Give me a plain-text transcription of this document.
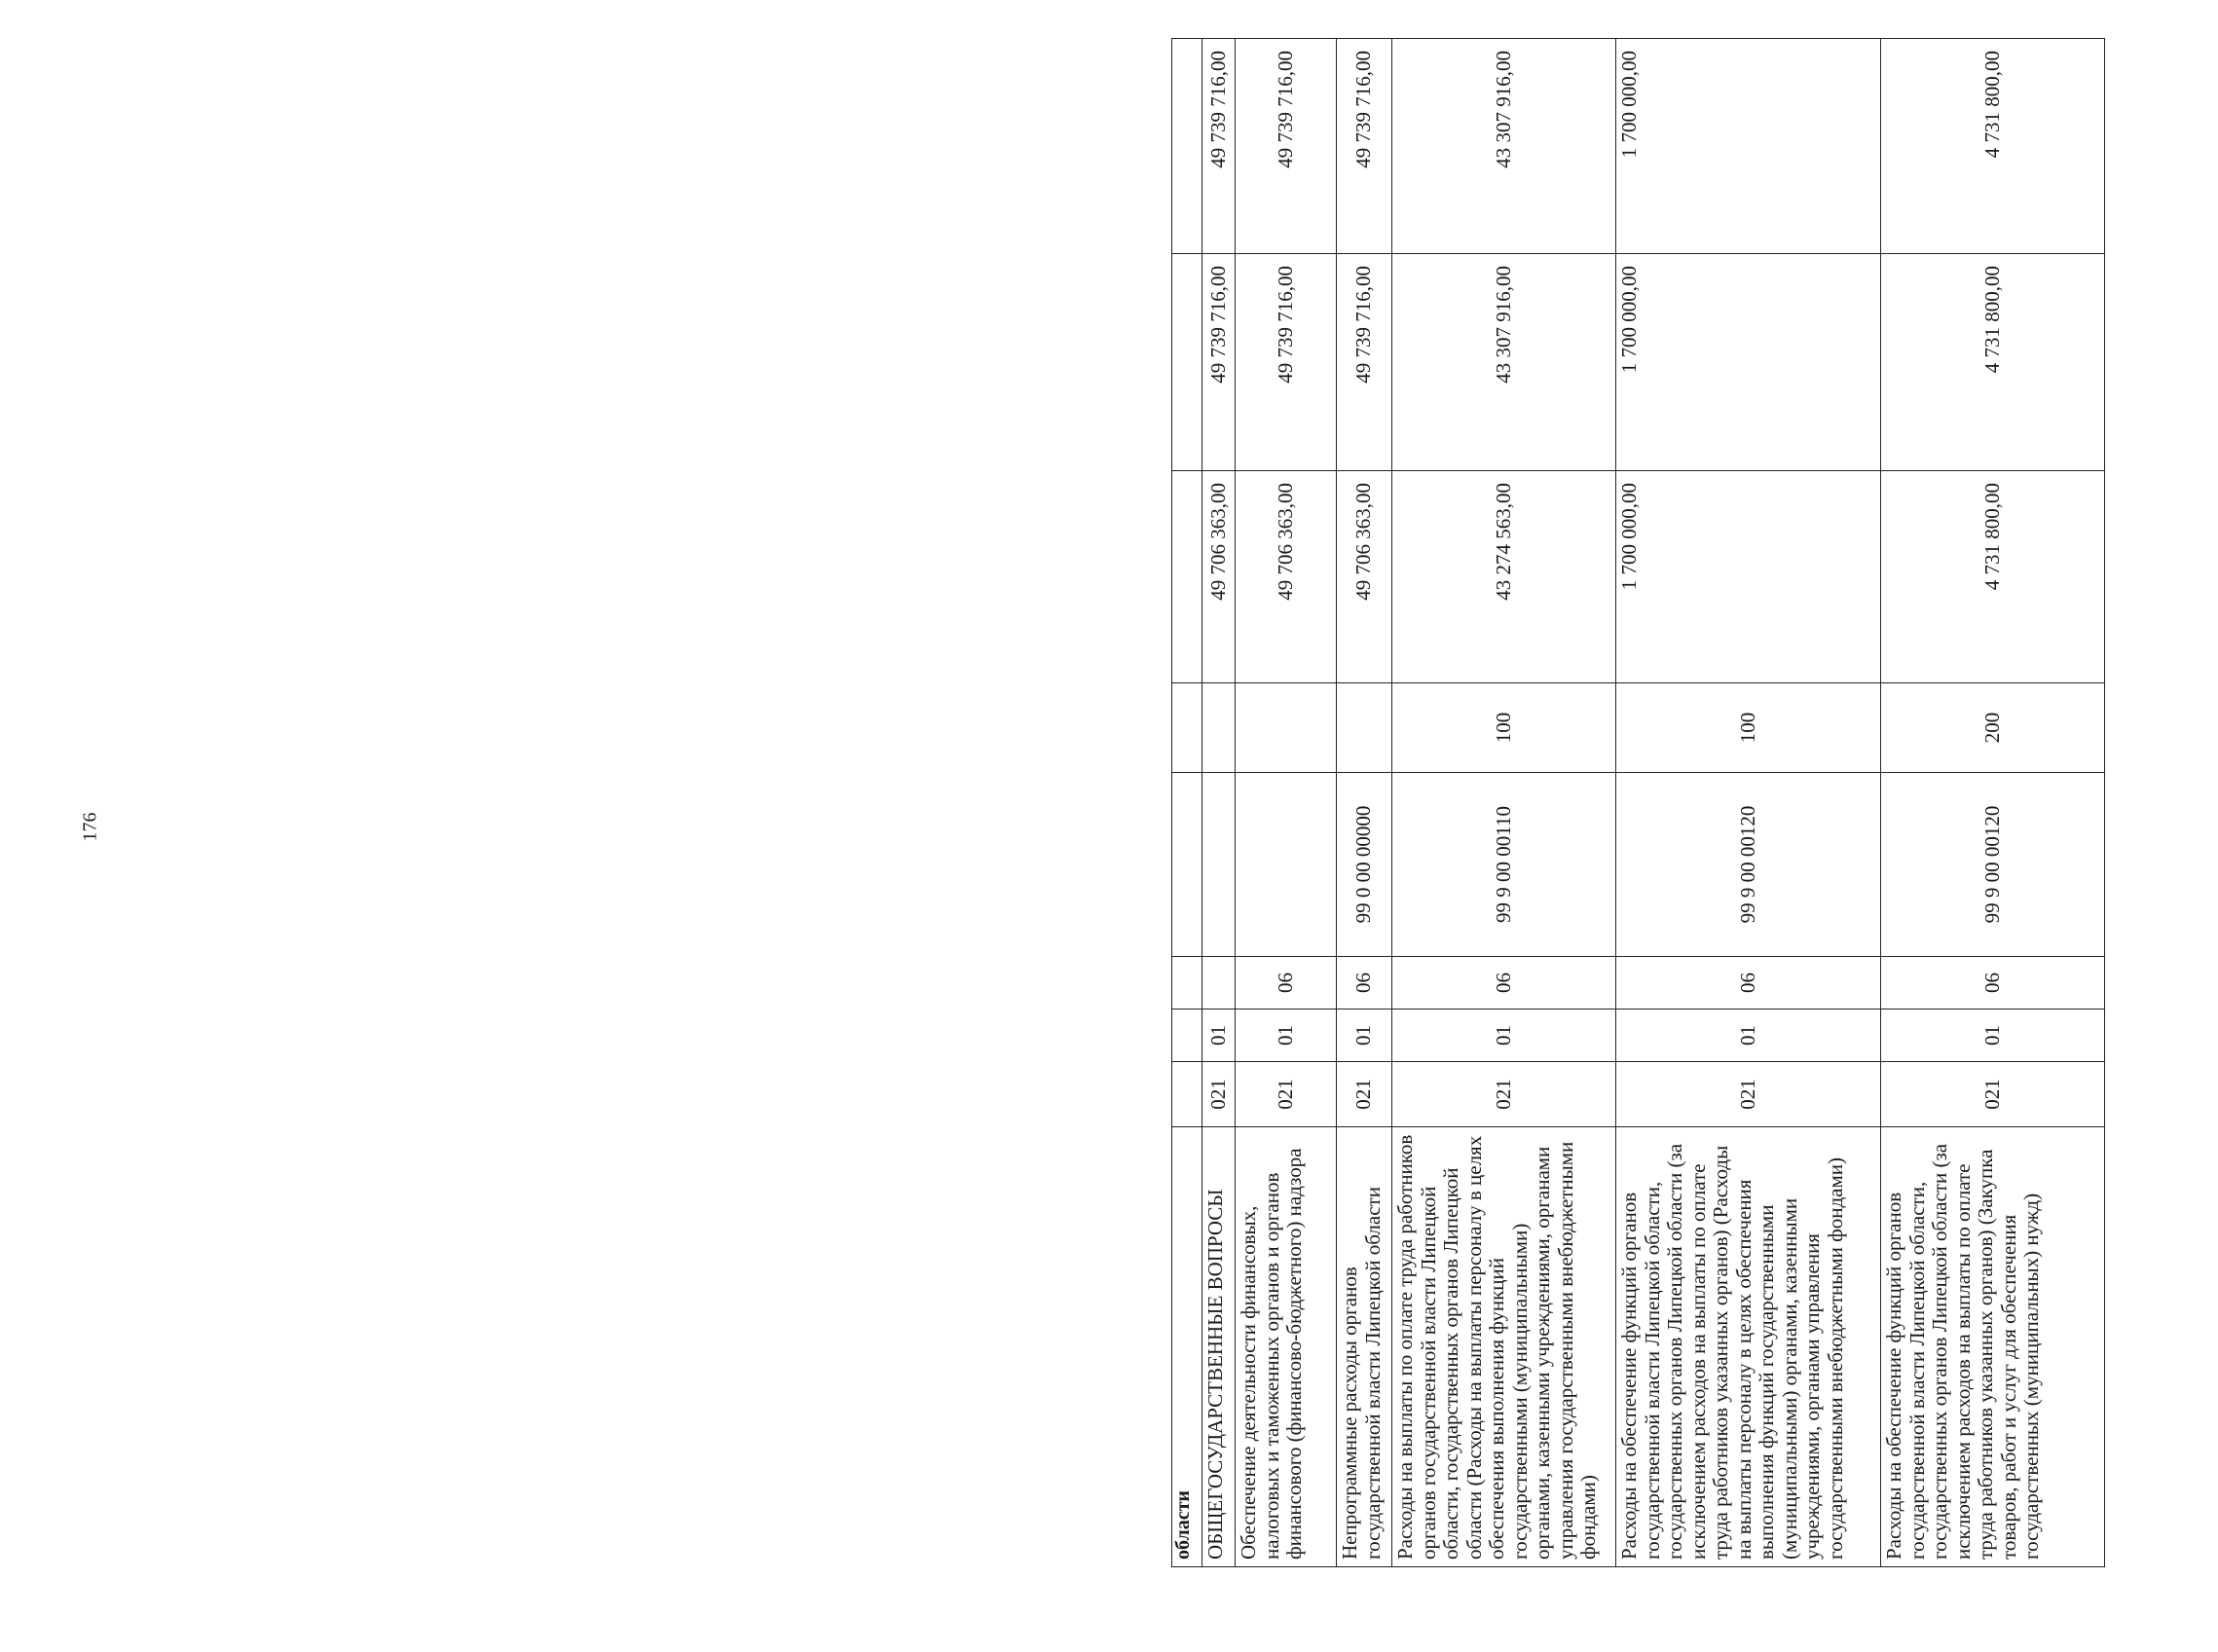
176
области								
ОБЩЕГОСУДАРСТВЕННЫЕ ВОПРОСЫ	021	01				49 706 363,00	49 739 716,00	49 739 716,00
Обеспечение деятельности финансовых, налоговых и таможенных органов и органов финансового (финансово-бюджетного) надзора	021	01	06			49 706 363,00	49 739 716,00	49 739 716,00
Непрограммные расходы органов государственной власти Липецкой области	021	01	06	99 0 00 00000		49 706 363,00	49 739 716,00	49 739 716,00
Расходы на выплаты по оплате труда работников органов государственной власти Липецкой области, государственных органов Липецкой области (Расходы на выплаты персоналу в целях обеспечения выполнения функций государственными (муниципальными) органами, казенными учреждениями, органами управления государственными внебюджетными фондами)	021	01	06	99 9 00 00110	100	43 274 563,00	43 307 916,00	43 307 916,00
Расходы на обеспечение функций органов государственной власти Липецкой области, государственных органов Липецкой области (за исключением расходов на выплаты по оплате труда работников указанных органов) (Расходы на выплаты персоналу в целях обеспечения выполнения функций государственными (муниципальными) органами, казенными учреждениями, органами управления государственными внебюджетными фондами)	021	01	06	99 9 00 00120	100	1 700 000,00	1 700 000,00	1 700 000,00
Расходы на обеспечение функций органов государственной власти Липецкой области, государственных органов Липецкой области (за исключением расходов на выплаты по оплате труда работников указанных органов) (Закупка товаров, работ и услуг для обеспечения государственных (муниципальных) нужд)	021	01	06	99 9 00 00120	200	4 731 800,00	4 731 800,00	4 731 800,00
